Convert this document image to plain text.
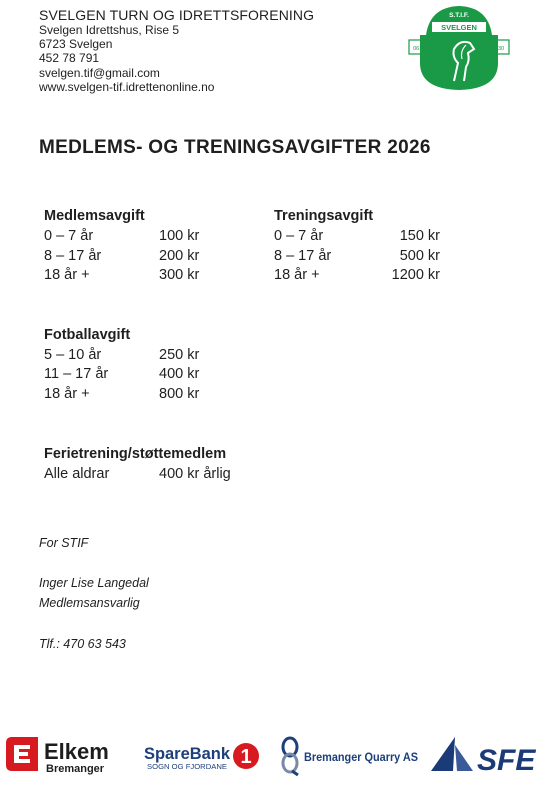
SVELGEN TURN OG IDRETTSFORENING
Svelgen Idrettshus, Rise 5
6723 Svelgen
452 78 791
svelgen.tif@gmail.com
www.svelgen-tif.idrettenonline.no
S.T.I.F.
SVELGEN
06.09	1930
MEDLEMS- OG TRENINGSAVGIFTER 2026
Medlemsavgift
0 – 7 år	100 kr
8 – 17 år	200 kr
18 år +	300 kr
Treningsavgift
0 – 7 år	150 kr
8 – 17 år	500 kr
18 år +	1200 kr
Fotballavgift
5 – 10 år	250 kr
11 – 17 år	400 kr
18 år +	800 kr
Ferietrening/støttemedlem
Alle aldrar	400 kr årlig
For STIF
Inger Lise Langedal
Medlemsansvarlig
Tlf.: 470 63 543
Elkem
Bremanger
SpareBank
SOGN OG FJORDANE 1	Bremanger Quarry AS SFE
